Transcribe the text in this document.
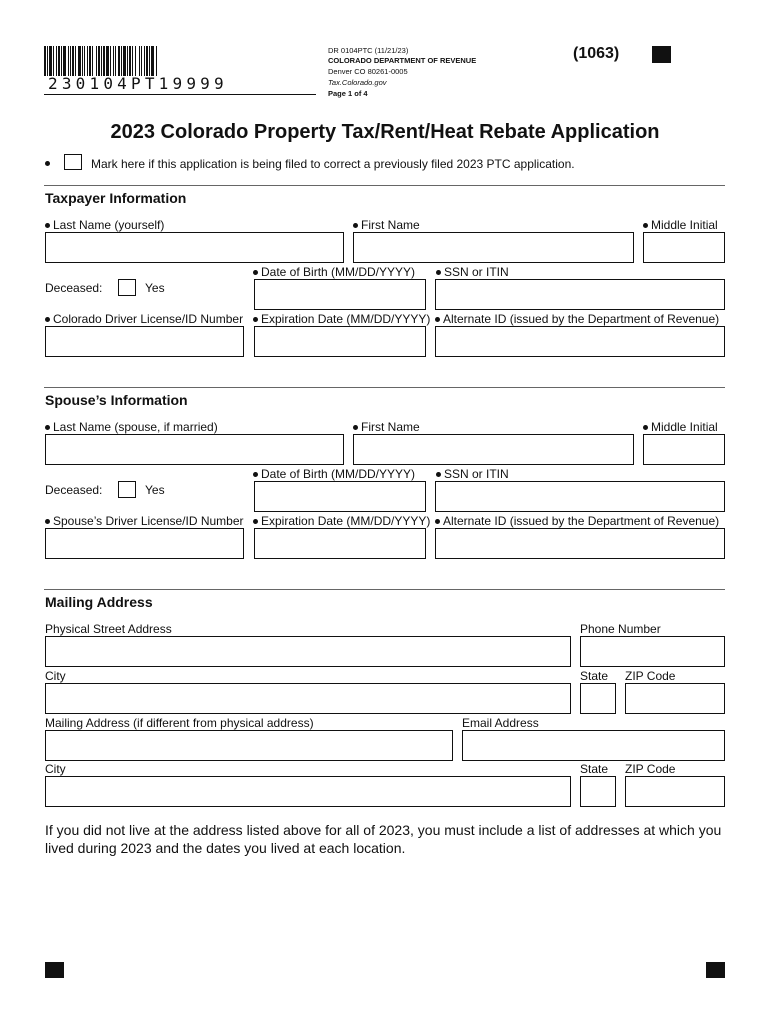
230104PT19999
DR 0104PTC (11/21/23)
COLORADO DEPARTMENT OF REVENUE
Denver CO 80261-0005
Tax.Colorado.gov
Page 1 of 4
(1063)
2023 Colorado Property Tax/Rent/Heat Rebate Application
Mark here if this application is being filed to correct a previously filed 2023 PTC application.
Taxpayer Information
Last Name (yourself)	First Name	Middle Initial
Date of Birth (MM/DD/YYYY) SSN or ITIN
Deceased:	Yes
Colorado Driver License/ID Number Expiration Date (MM/DD/YYYY) Alternate ID (issued by the Department of Revenue)
Spouse’s Information
Last Name (spouse, if married)	First Name	Middle Initial
Date of Birth (MM/DD/YYYY) SSN or ITIN
Deceased:	Yes
Spouse’s Driver License/ID Number Expiration Date (MM/DD/YYYY) Alternate ID (issued by the Department of Revenue)
Mailing Address
Physical Street Address	Phone Number
City	State ZIP Code
Mailing Address (if different from physical address)	Email Address
City	State ZIP Code
If you did not live at the address listed above for all of 2023, you must include a list of addresses at which you lived during 2023 and the dates you lived at each location.
